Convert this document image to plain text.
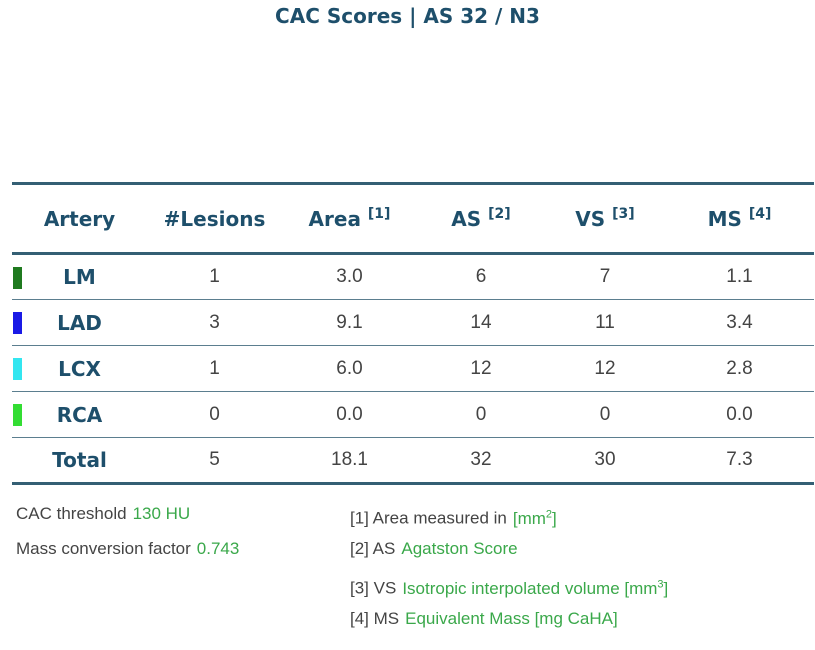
CAC Scores | AS 32 / N3
Artery	#Lesions	Area [1]	AS [2]	VS [3]	MS [4]

LM	1	3.0	6	7	1.1

LAD	3	9.1	14	11	3.4

LCX	1	6.0	12	12	2.8

RCA	0	0.0	0	0	0.0
Total	5	18.1	32	30	7.3
CAC threshold 130 HU
Mass conversion factor 0.743
[1] Area measured in $[mm^2]$
[2] AS Agatston Score
[3] VS Isotropic interpolated volume $[mm^3]$
[4] MS Equivalent Mass [mg CaHA]
